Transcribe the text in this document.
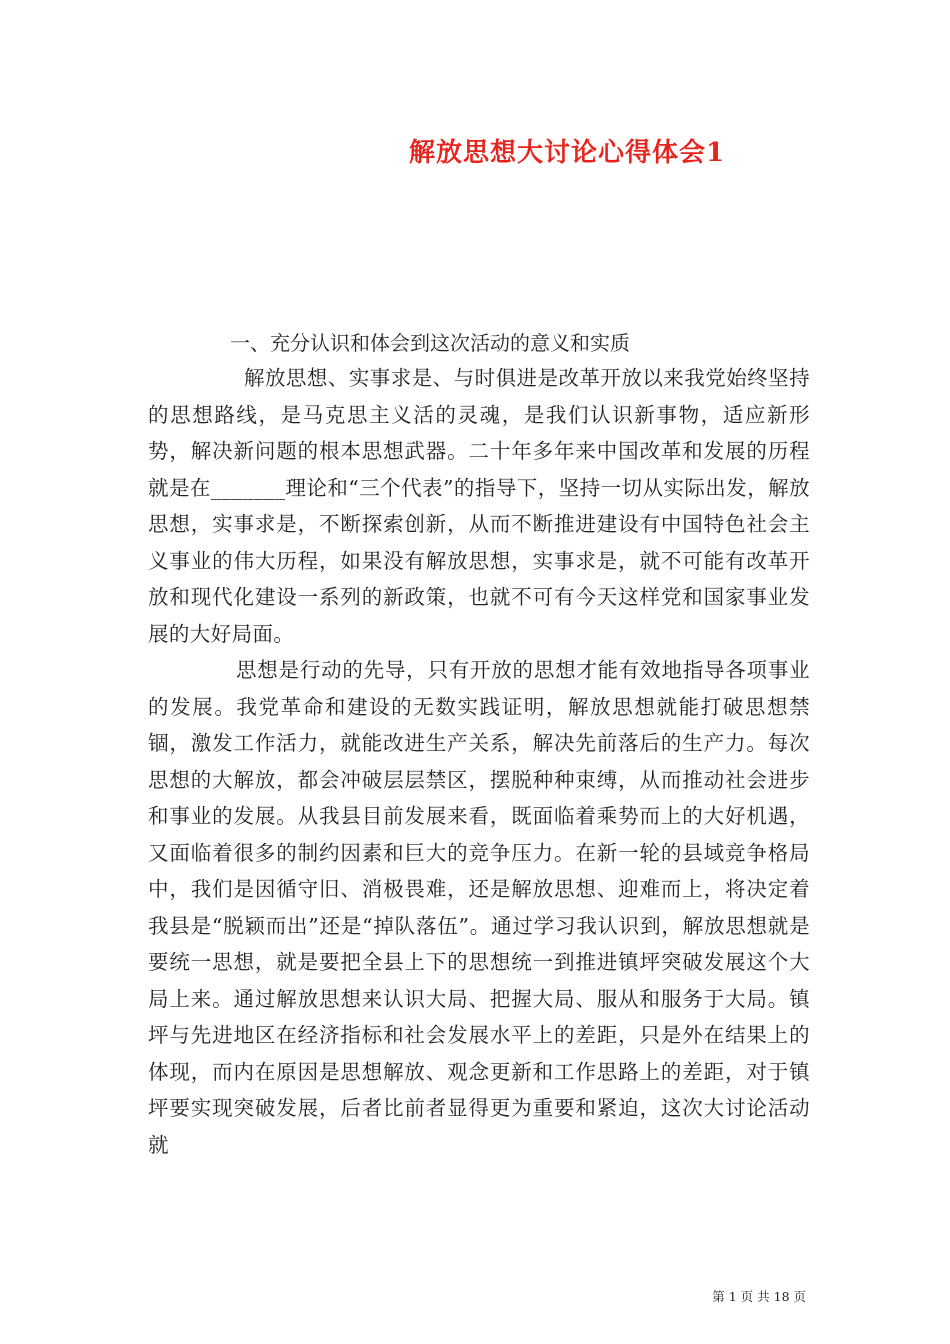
解放思想大讨论心得体会1
一、充分认识和体会到这次活动的意义和实质

解放思想、实事求是、与时俱进是改革开放以来我党始终坚持的思想路线，是马克思主义活的灵魂，是我们认识新事物，适应新形势，解决新问题的根本思想武器。二十年多年来中国改革和发展的历程就是在_______理论和“三个代表”的指导下，坚持一切从实际出发，解放思想，实事求是，不断探索创新，从而不断推进建设有中国特色社会主义事业的伟大历程，如果没有解放思想，实事求是，就不可能有改革开放和现代化建设一系列的新政策，也就不可有今天这样党和国家事业发展的大好局面。

思想是行动的先导，只有开放的思想才能有效地指导各项事业的发展。我党革命和建设的无数实践证明，解放思想就能打破思想禁锢，激发工作活力，就能改进生产关系，解决先前落后的生产力。每次思想的大解放，都会冲破层层禁区，摆脱种种束缚，从而推动社会进步和事业的发展。从我县目前发展来看，既面临着乘势而上的大好机遇，又面临着很多的制约因素和巨大的竞争压力。在新一轮的县域竞争格局中，我们是因循守旧、消极畏难，还是解放思想、迎难而上，将决定着我县是“脱颖而出”还是“掉队落伍”。通过学习我认识到，解放思想就是要统一思想，就是要把全县上下的思想统一到推进镇坪突破发展这个大局上来。通过解放思想来认识大局、把握大局、服从和服务于大局。镇坪与先进地区在经济指标和社会发展水平上的差距，只是外在结果上的体现，而内在原因是思想解放、观念更新和工作思路上的差距，对于镇坪要实现突破发展，后者比前者显得更为重要和紧迫，这次大讨论活动就

第 1 页 共 18 页
